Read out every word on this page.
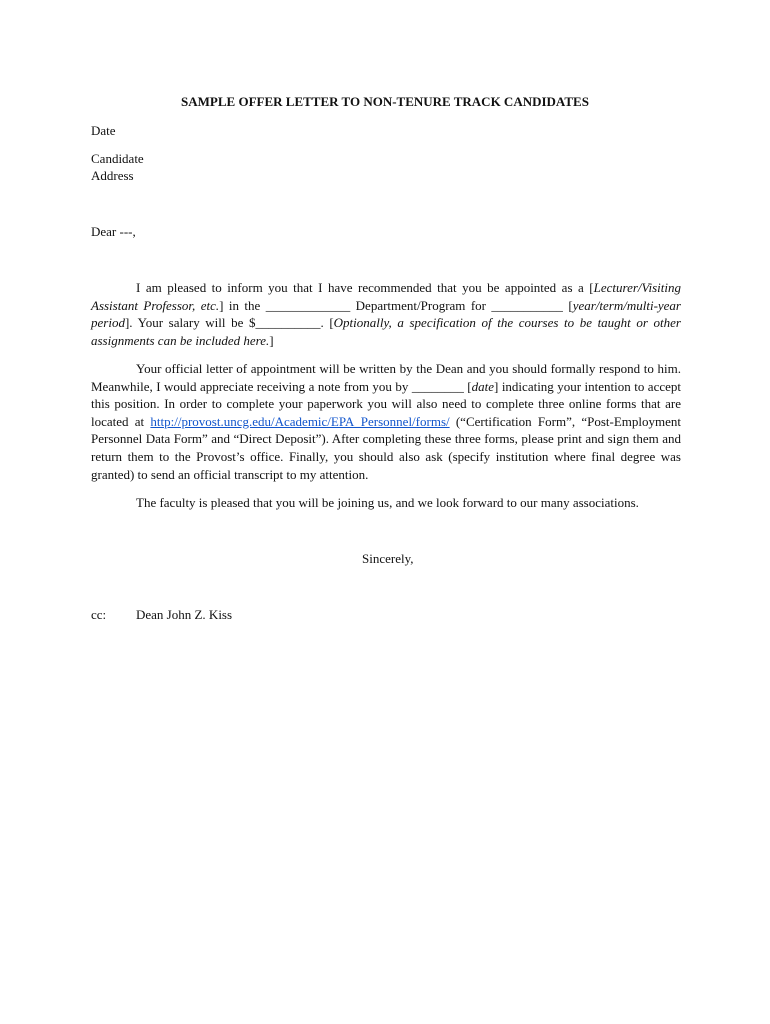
SAMPLE OFFER LETTER TO NON-TENURE TRACK CANDIDATES
Date
Candidate
Address
Dear ---,
I am pleased to inform you that I have recommended that you be appointed as a [Lecturer/Visiting Assistant Professor, etc.] in the _____________ Department/Program for ___________ [year/term/multi-year period]. Your salary will be $__________. [Optionally, a specification of the courses to be taught or other assignments can be included here.]
Your official letter of appointment will be written by the Dean and you should formally respond to him. Meanwhile, I would appreciate receiving a note from you by ________ [date] indicating your intention to accept this position. In order to complete your paperwork you will also need to complete three online forms that are located at http://provost.uncg.edu/Academic/EPA_Personnel/forms/ (“Certification Form”, “Post-Employment Personnel Data Form” and “Direct Deposit”). After completing these three forms, please print and sign them and return them to the Provost’s office. Finally, you should also ask (specify institution where final degree was granted) to send an official transcript to my attention.
The faculty is pleased that you will be joining us, and we look forward to our many associations.
Sincerely,
cc: Dean John Z. Kiss
